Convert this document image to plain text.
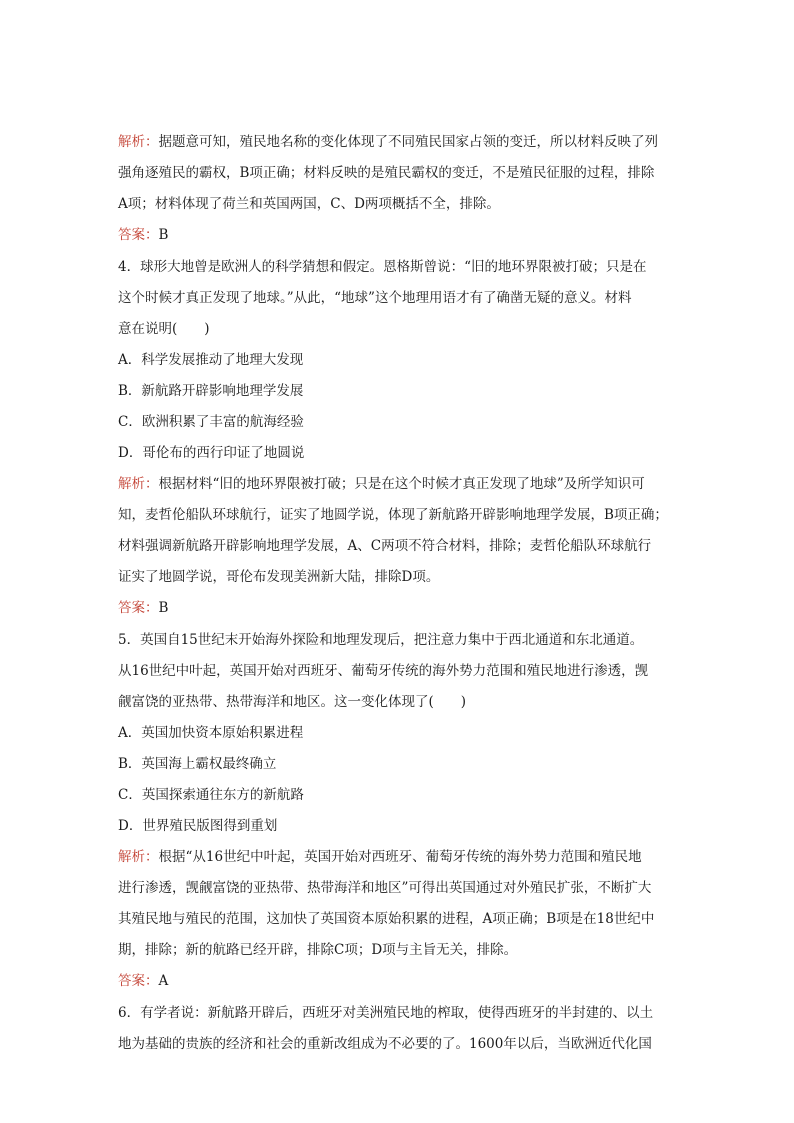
解析：据题意可知，殖民地名称的变化体现了不同殖民国家占领的变迁，所以材料反映了列
强角逐殖民的霸权，B项正确；材料反映的是殖民霸权的变迁，不是殖民征服的过程，排除
A项；材料体现了荷兰和英国两国，C、D两项概括不全，排除。
答案：B
4．球形大地曾是欧洲人的科学猜想和假定。恩格斯曾说：“旧的地环界限被打破；只是在
这个时候才真正发现了地球。”从此，“地球”这个地理用语才有了确凿无疑的意义。材料
意在说明(　　)
A．科学发展推动了地理大发现
B．新航路开辟影响地理学发展
C．欧洲积累了丰富的航海经验
D．哥伦布的西行印证了地圆说
解析：根据材料“旧的地环界限被打破；只是在这个时候才真正发现了地球”及所学知识可
知，麦哲伦船队环球航行，证实了地圆学说，体现了新航路开辟影响地理学发展，B项正确；
材料强调新航路开辟影响地理学发展，A、C两项不符合材料，排除；麦哲伦船队环球航行
证实了地圆学说，哥伦布发现美洲新大陆，排除D项。
答案：B
5．英国自15世纪末开始海外探险和地理发现后，把注意力集中于西北通道和东北通道。
从16世纪中叶起，英国开始对西班牙、葡萄牙传统的海外势力范围和殖民地进行渗透，觊
觎富饶的亚热带、热带海洋和地区。这一变化体现了(　　)
A．英国加快资本原始积累进程
B．英国海上霸权最终确立
C．英国探索通往东方的新航路
D．世界殖民版图得到重划
解析：根据“从16世纪中叶起，英国开始对西班牙、葡萄牙传统的海外势力范围和殖民地
进行渗透，觊觎富饶的亚热带、热带海洋和地区”可得出英国通过对外殖民扩张，不断扩大
其殖民地与殖民的范围，这加快了英国资本原始积累的进程，A项正确；B项是在18世纪中
期，排除；新的航路已经开辟，排除C项；D项与主旨无关，排除。
答案：A
6．有学者说：新航路开辟后，西班牙对美洲殖民地的榨取，使得西班牙的半封建的、以土
地为基础的贵族的经济和社会的重新改组成为不必要的了。1600年以后，当欧洲近代化国
